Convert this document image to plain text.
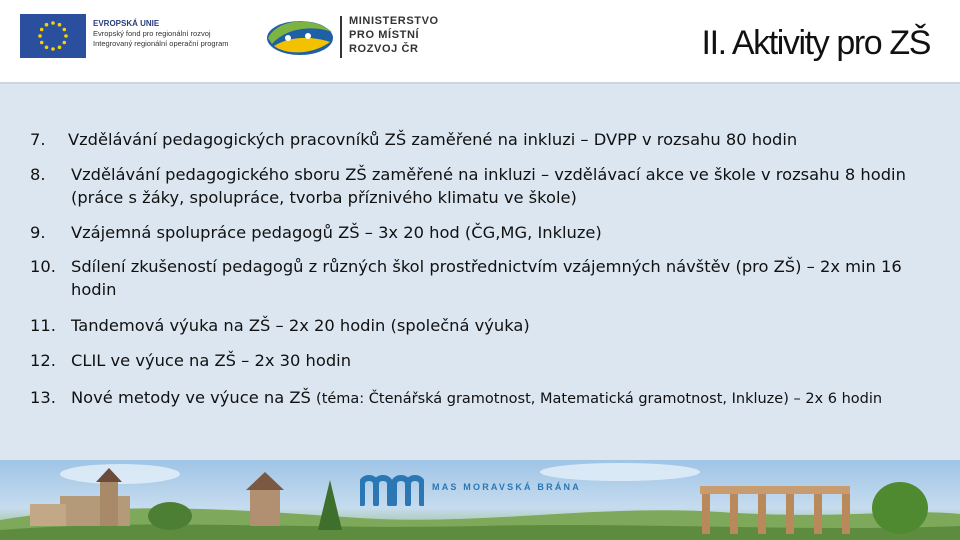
EVROPSKÁ UNIE
Evropský fond pro regionální rozvoj
Integrovaný regionální operační program
MINISTERSTVO
PRO MÍSTNÍ
ROZVOJ ČR	II. Aktivity pro ZŠ
7. Vzdělávání pedagogických pracovníků ZŠ zaměřené na inkluzi – DVPP v rozsahu 80 hodin
8. Vzdělávání pedagogického sboru ZŠ zaměřené na inkluzi – vzdělávací akce ve škole v rozsahu 8 hodin (práce s žáky, spolupráce, tvorba příznivého klimatu ve škole)
9. Vzájemná spolupráce pedagogů ZŠ – 3x 20 hod (ČG,MG, Inkluze)
10. Sdílení zkušeností pedagogů z různých škol prostřednictvím vzájemných návštěv (pro ZŠ) – 2x min 16 hodin
11. Tandemová výuka na ZŠ – 2x 20 hodin (společná výuka)
12. CLIL ve výuce na ZŠ – 2x 30 hodin
13. Nové metody ve výuce na ZŠ (téma: Čtenářská gramotnost, Matematická gramotnost, Inkluze) – 2x 6 hodin
MAS MORAVSKÁ BRÁNA
